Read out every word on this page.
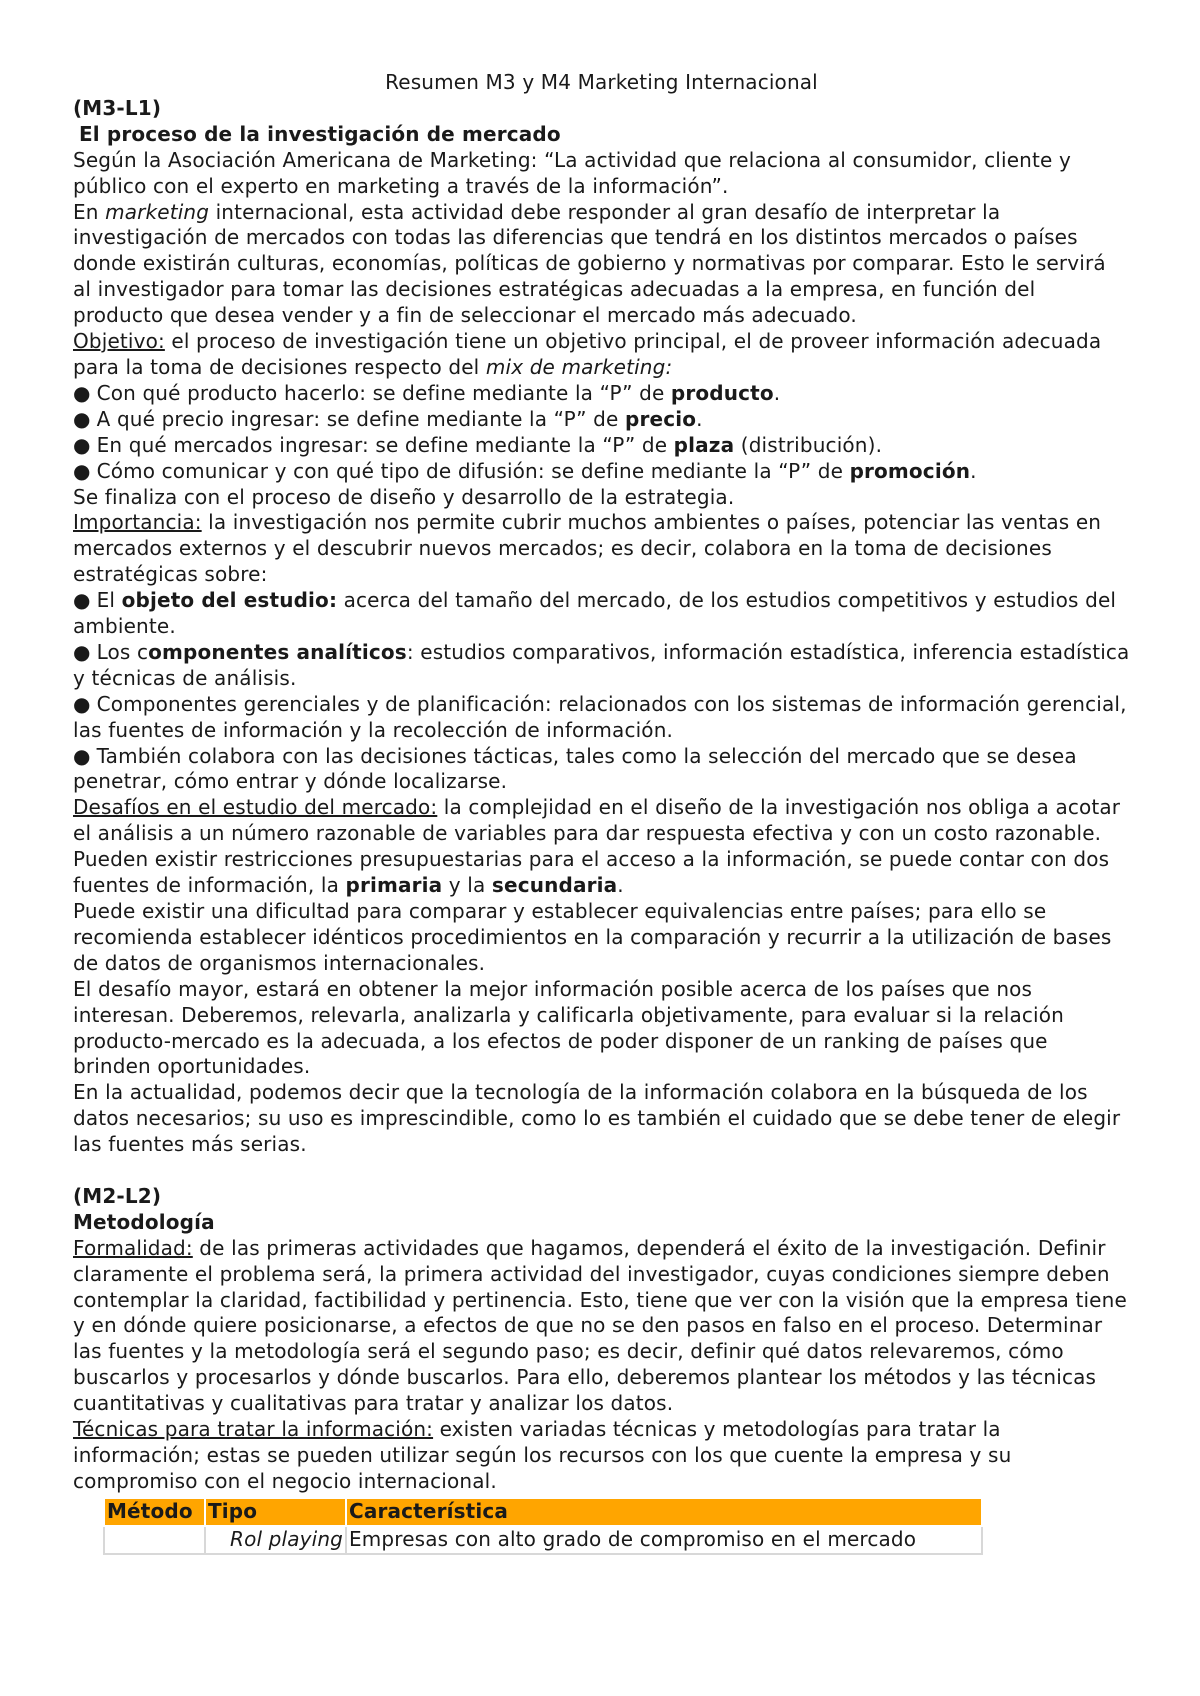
Resumen M3 y M4 Marketing Internacional
(M3-L1)
El proceso de la investigación de mercado

Según la Asociación Americana de Marketing: “La actividad que relaciona al consumidor, cliente y público con el experto en marketing a través de la información”.

En marketing internacional, esta actividad debe responder al gran desafío de interpretar la investigación de mercados con todas las diferencias que tendrá en los distintos mercados o países donde existirán culturas, economías, políticas de gobierno y normativas por comparar. Esto le servirá al investigador para tomar las decisiones estratégicas adecuadas a la empresa, en función del producto que desea vender y a fin de seleccionar el mercado más adecuado.

Objetivo: el proceso de investigación tiene un objetivo principal, el de proveer información adecuada para la toma de decisiones respecto del mix de marketing:

● Con qué producto hacerlo: se define mediante la “P” de producto.

● A qué precio ingresar: se define mediante la “P” de precio.

● En qué mercados ingresar: se define mediante la “P” de plaza (distribución).

● Cómo comunicar y con qué tipo de difusión: se define mediante la “P” de promoción.

Se finaliza con el proceso de diseño y desarrollo de la estrategia.

Importancia: la investigación nos permite cubrir muchos ambientes o países, potenciar las ventas en mercados externos y el descubrir nuevos mercados; es decir, colabora en la toma de decisiones estratégicas sobre:

● El objeto del estudio: acerca del tamaño del mercado, de los estudios competitivos y estudios del ambiente.

● Los componentes analíticos: estudios comparativos, información estadística, inferencia estadística y técnicas de análisis.

● Componentes gerenciales y de planificación: relacionados con los sistemas de información gerencial, las fuentes de información y la recolección de información.

● También colabora con las decisiones tácticas, tales como la selección del mercado que se desea penetrar, cómo entrar y dónde localizarse.

Desafíos en el estudio del mercado: la complejidad en el diseño de la investigación nos obliga a acotar el análisis a un número razonable de variables para dar respuesta efectiva y con un costo razonable.

Pueden existir restricciones presupuestarias para el acceso a la información, se puede contar con dos fuentes de información, la primaria y la secundaria.

Puede existir una dificultad para comparar y establecer equivalencias entre países; para ello se recomienda establecer idénticos procedimientos en la comparación y recurrir a la utilización de bases de datos de organismos internacionales.

El desafío mayor, estará en obtener la mejor información posible acerca de los países que nos interesan. Deberemos, relevarla, analizarla y calificarla objetivamente, para evaluar si la relación producto-mercado es la adecuada, a los efectos de poder disponer de un ranking de países que brinden oportunidades.

En la actualidad, podemos decir que la tecnología de la información colabora en la búsqueda de los datos necesarios; su uso es imprescindible, como lo es también el cuidado que se debe tener de elegir las fuentes más serias.

(M2-L2)
Metodología

Formalidad: de las primeras actividades que hagamos, dependerá el éxito de la investigación. Definir claramente el problema será, la primera actividad del investigador, cuyas condiciones siempre deben contemplar la claridad, factibilidad y pertinencia. Esto, tiene que ver con la visión que la empresa tiene y en dónde quiere posicionarse, a efectos de que no se den pasos en falso en el proceso. Determinar las fuentes y la metodología será el segundo paso; es decir, definir qué datos relevaremos, cómo buscarlos y procesarlos y dónde buscarlos. Para ello, deberemos plantear los métodos y las técnicas cuantitativas y cualitativas para tratar y analizar los datos.

Técnicas para tratar la información: existen variadas técnicas y metodologías para tratar la información; estas se pueden utilizar según los recursos con los que cuente la empresa y su compromiso con el negocio internacional.

Método	Tipo	Característica
	Rol playing	Empresas con alto grado de compromiso en el mercado
